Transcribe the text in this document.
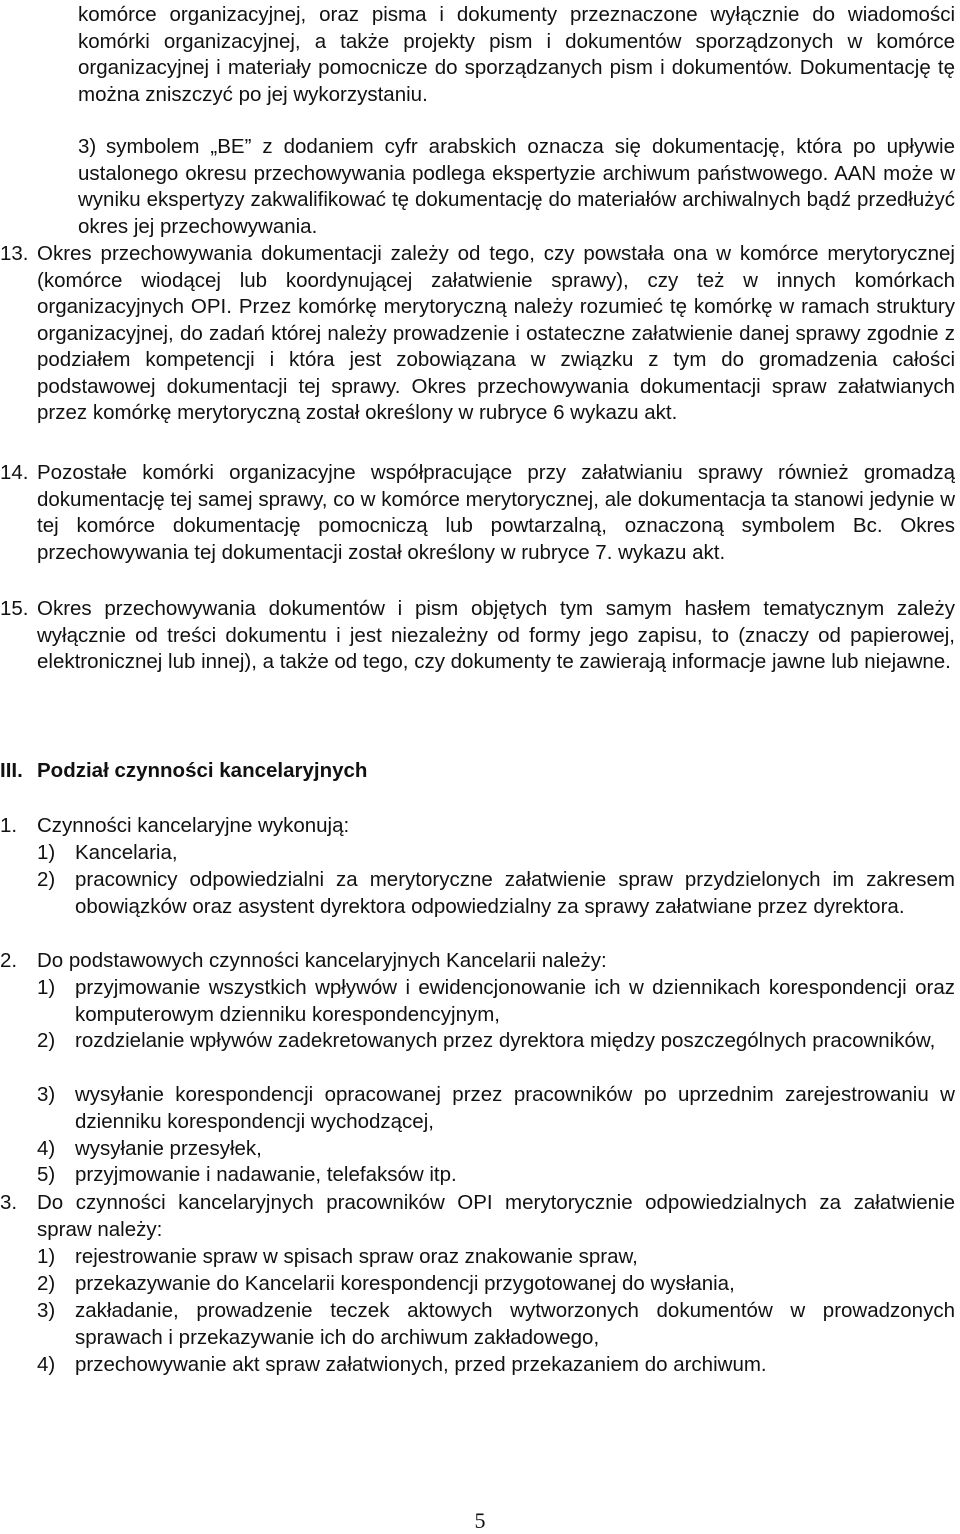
komórce organizacyjnej, oraz pisma i dokumenty przeznaczone wyłącznie do wiadomości komórki organizacyjnej, a także projekty pism i dokumentów sporządzonych w komórce organizacyjnej i materiały pomocnicze do sporządzanych pism i dokumentów. Dokumentację tę można zniszczyć po jej wykorzystaniu.

3) symbolem „BE” z dodaniem cyfr arabskich oznacza się dokumentację, która po upływie ustalonego okresu przechowywania podlega ekspertyzie archiwum państwowego. AAN może w wyniku ekspertyzy zakwalifikować tę dokumentację do materiałów archiwalnych bądź przedłużyć okres jej przechowywania.

13. Okres przechowywania dokumentacji zależy od tego, czy powstała ona w komórce merytorycznej (komórce wiodącej lub koordynującej załatwienie sprawy), czy też w innych komórkach organizacyjnych OPI. Przez komórkę merytoryczną należy rozumieć tę komórkę w ramach struktury organizacyjnej, do zadań której należy prowadzenie i ostateczne załatwienie danej sprawy zgodnie z podziałem kompetencji i która jest zobowiązana w związku z tym do gromadzenia całości podstawowej dokumentacji tej sprawy. Okres przechowywania dokumentacji spraw załatwianych przez komórkę merytoryczną został określony w rubryce 6 wykazu akt.

14. Pozostałe komórki organizacyjne współpracujące przy załatwianiu sprawy również gromadzą dokumentację tej samej sprawy, co w komórce merytorycznej, ale dokumentacja ta stanowi jedynie w tej komórce dokumentację pomocniczą lub powtarzalną, oznaczoną symbolem Bc. Okres przechowywania tej dokumentacji został określony w rubryce 7. wykazu akt.

15. Okres przechowywania dokumentów i pism objętych tym samym hasłem tematycznym zależy wyłącznie od treści dokumentu i jest niezależny od formy jego zapisu, to (znaczy od papierowej, elektronicznej lub innej), a także od tego, czy dokumenty te zawierają informacje jawne lub niejawne.

III. Podział czynności kancelaryjnych
1. Czynności kancelaryjne wykonują:

1) Kancelaria,

2) pracownicy odpowiedzialni za merytoryczne załatwienie spraw przydzielonych im zakresem obowiązków oraz asystent dyrektora odpowiedzialny za sprawy załatwiane przez dyrektora.

2. Do podstawowych czynności kancelaryjnych Kancelarii należy:

1) przyjmowanie wszystkich wpływów i ewidencjonowanie ich w dziennikach korespondencji oraz komputerowym dzienniku korespondencyjnym,

2) rozdzielanie wpływów zadekretowanych przez dyrektora między poszczególnych pracowników,

3) wysyłanie korespondencji opracowanej przez pracowników po uprzednim zarejestrowaniu w dzienniku korespondencji wychodzącej,

4) wysyłanie przesyłek,

5) przyjmowanie i nadawanie, telefaksów itp.

3. Do czynności kancelaryjnych pracowników OPI merytorycznie odpowiedzialnych za załatwienie spraw należy:

1) rejestrowanie spraw w spisach spraw oraz znakowanie spraw,

2) przekazywanie do Kancelarii korespondencji przygotowanej do wysłania,

3) zakładanie, prowadzenie teczek aktowych wytworzonych dokumentów w prowadzonych sprawach i przekazywanie ich do archiwum zakładowego,

4) przechowywanie akt spraw załatwionych, przed przekazaniem do archiwum.

5
